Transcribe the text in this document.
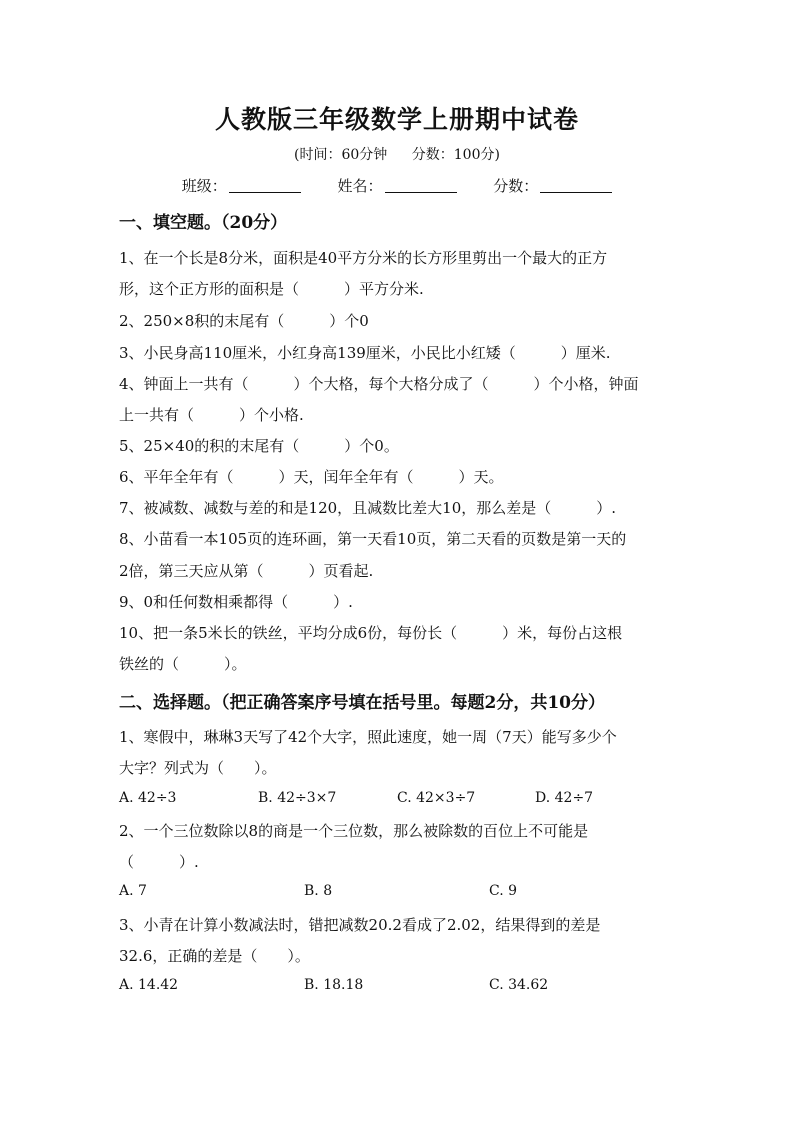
人教版三年级数学上册期中试卷
(时间：60分钟 分数：100分)
班级：	姓名：	分数：
一、填空题。（20分）
1、在一个长是8分米，面积是40平方分米的长方形里剪出一个最大的正方
形，这个正方形的面积是（　　　）平方分米.
2、250×8积的末尾有（　　　）个0
3、小民身高110厘米，小红身高139厘米，小民比小红矮（　　　）厘米.
4、钟面上一共有（　　　）个大格，每个大格分成了（　　　）个小格，钟面
上一共有（　　　）个小格.
5、25×40的积的末尾有（　　　）个0。
6、平年全年有（　　　）天，闰年全年有（　　　）天。
7、被减数、减数与差的和是120，且减数比差大10，那么差是（　　　）.
8、小苗看一本105页的连环画，第一天看10页，第二天看的页数是第一天的
2倍，第三天应从第（　　　）页看起.
9、0和任何数相乘都得（　　　）.
10、把一条5米长的铁丝，平均分成6份，每份长（　　　）米，每份占这根
铁丝的（　　　）。
二、选择题。（把正确答案序号填在括号里。每题2分，共10分）
1、寒假中，琳琳3天写了42个大字，照此速度，她一周（7天）能写多少个
大字？列式为（　　）。
A. 42÷3	B. 42÷3×7	C. 42×3÷7	D. 42÷7
2、一个三位数除以8的商是一个三位数，那么被除数的百位上不可能是
（　　　）.
A. 7	B. 8	C. 9
3、小青在计算小数减法时，错把减数20.2看成了2.02，结果得到的差是
32.6，正确的差是（　　）。
A. 14.42	B. 18.18	C. 34.62
